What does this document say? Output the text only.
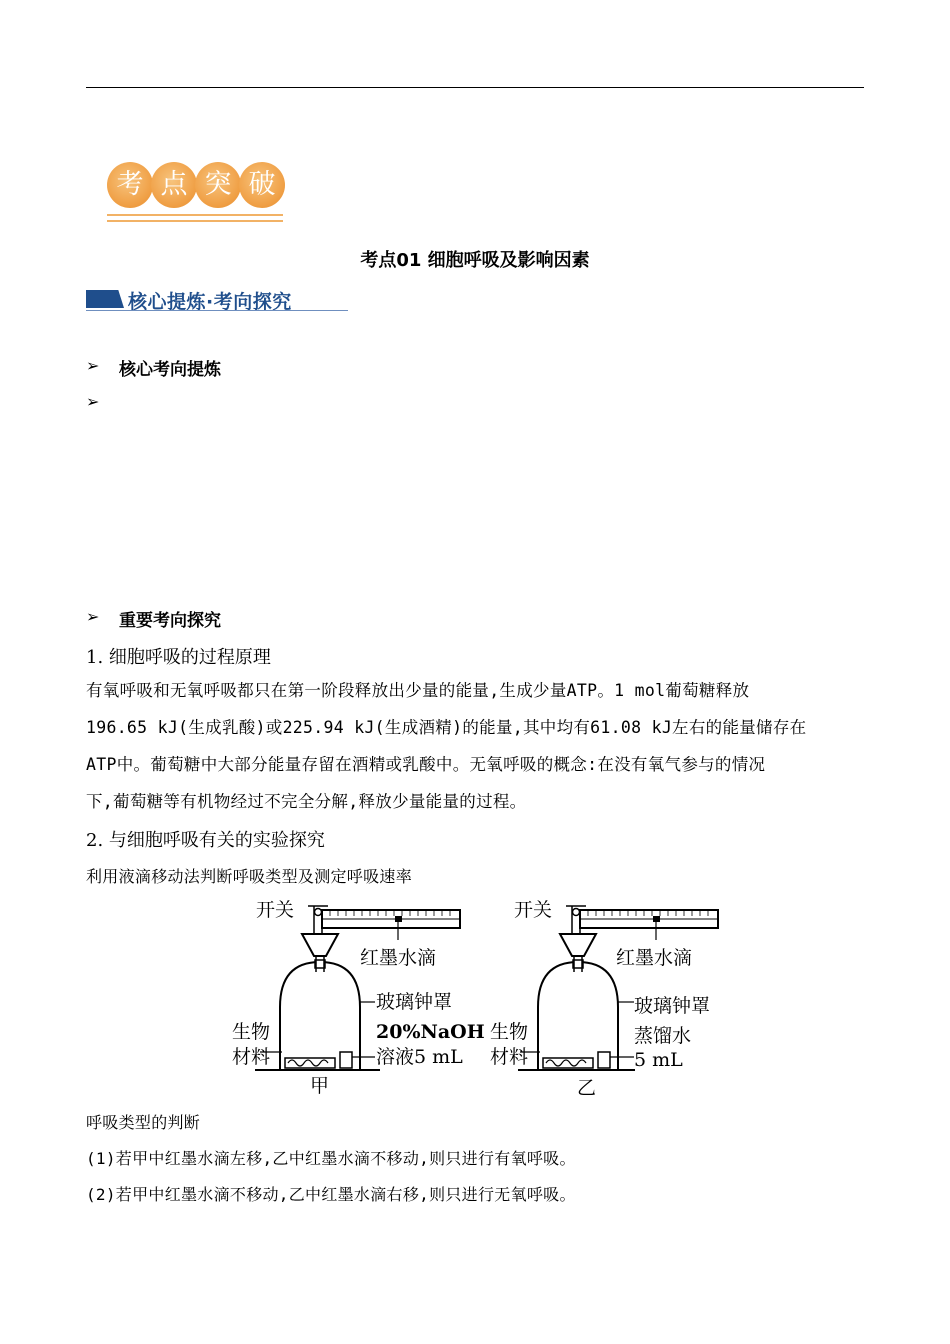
考 点 突 破
考点01 细胞呼吸及影响因素
核心提炼·考向探究
➢ 核心考向提炼
➢
➢ 重要考向探究
1. 细胞呼吸的过程原理
有氧呼吸和无氧呼吸都只在第一阶段释放出少量的能量,生成少量ATP。1 mol葡萄糖释放
196.65 kJ(生成乳酸)或225.94 kJ(生成酒精)的能量,其中均有61.08 kJ左右的能量储存在
ATP中。葡萄糖中大部分能量存留在酒精或乳酸中。无氧呼吸的概念:在没有氧气参与的情况
下,葡萄糖等有机物经过不完全分解,释放少量能量的过程。
2. 与细胞呼吸有关的实验探究
利用液滴移动法判断呼吸类型及测定呼吸速率
开关
红墨水滴
玻璃钟罩
生物
材料
20%NaOH
溶液5 mL
甲
开关
红墨水滴
玻璃钟罩
生物
材料
蒸馏水
5 mL
乙
呼吸类型的判断
(1)若甲中红墨水滴左移,乙中红墨水滴不移动,则只进行有氧呼吸。
(2)若甲中红墨水滴不移动,乙中红墨水滴右移,则只进行无氧呼吸。
